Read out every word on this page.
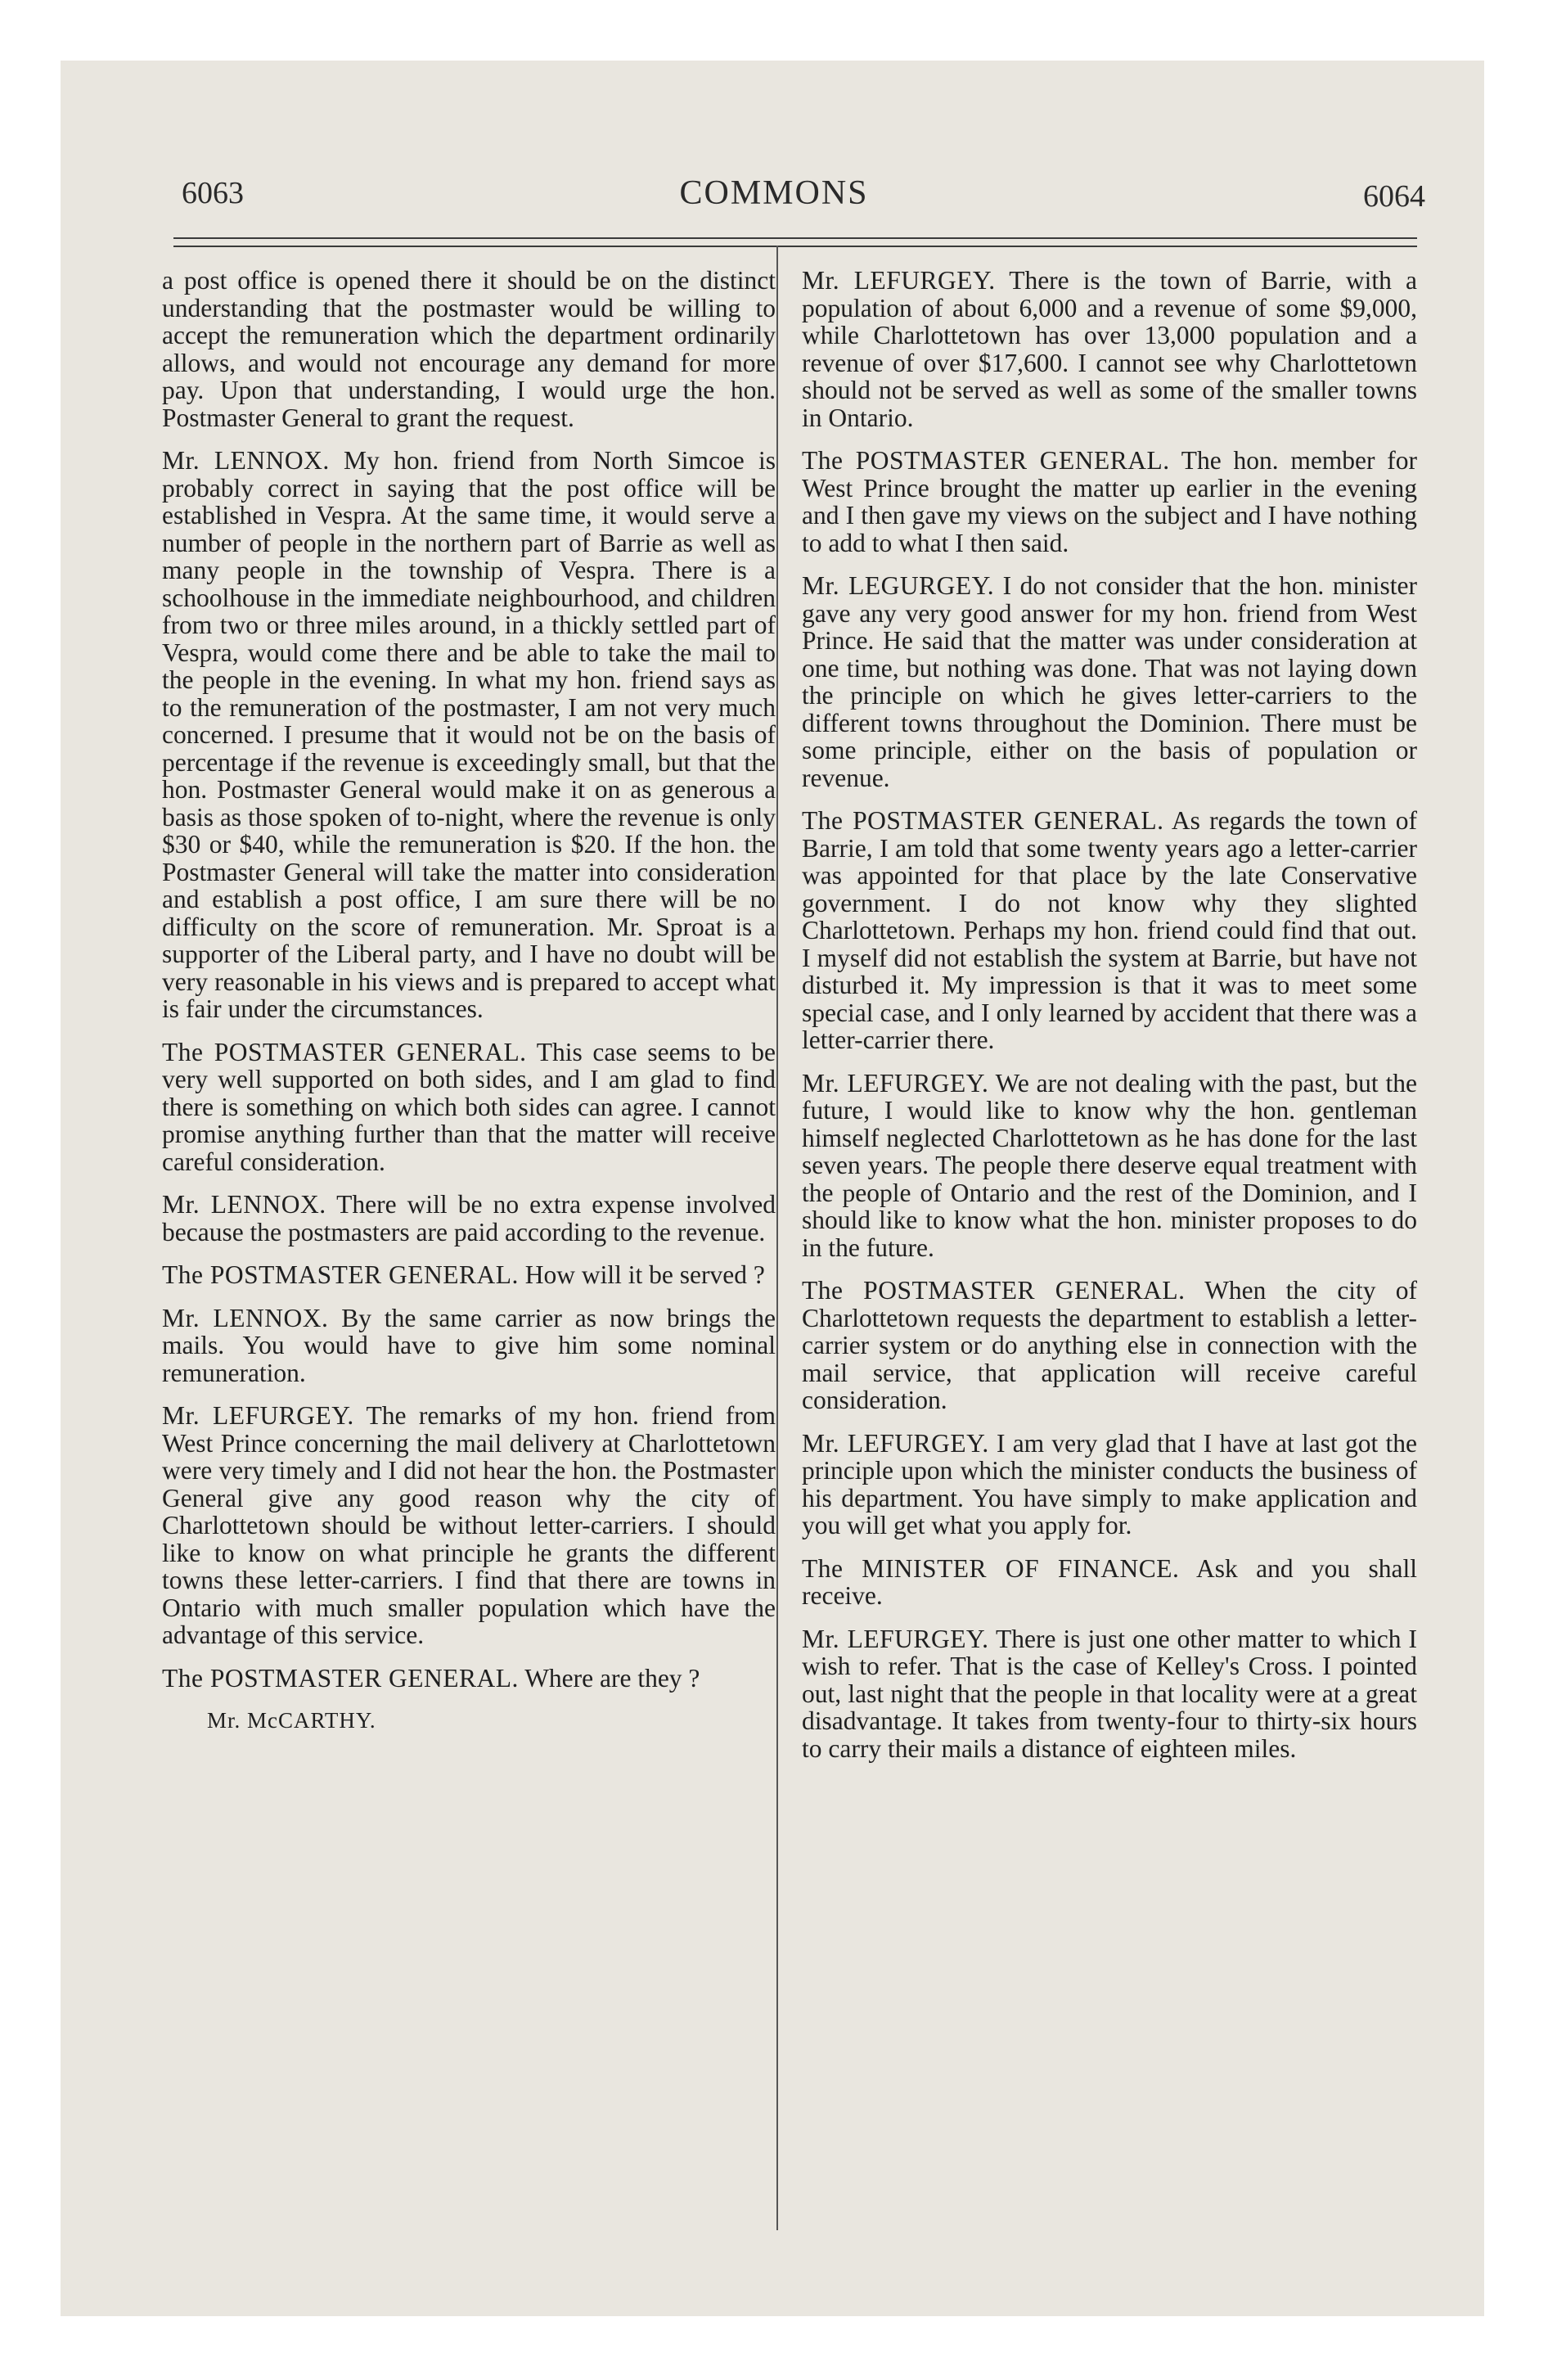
6063	COMMONS	6064

a post office is opened there it should be on the distinct understanding that the postmaster would be willing to accept the remuneration which the department ordinarily allows, and would not encourage any demand for more pay. Upon that understanding, I would urge the hon. Postmaster General to grant the request.

Mr. LENNOX. My hon. friend from North Simcoe is probably correct in saying that the post office will be established in Vespra. At the same time, it would serve a number of people in the northern part of Barrie as well as many people in the township of Vespra. There is a schoolhouse in the immediate neighbourhood, and children from two or three miles around, in a thickly settled part of Vespra, would come there and be able to take the mail to the people in the evening. In what my hon. friend says as to the remuneration of the postmaster, I am not very much concerned. I presume that it would not be on the basis of percentage if the revenue is exceedingly small, but that the hon. Postmaster General would make it on as generous a basis as those spoken of to-night, where the revenue is only $30 or $40, while the remuneration is $20. If the hon. the Postmaster General will take the matter into consideration and establish a post office, I am sure there will be no difficulty on the score of remuneration. Mr. Sproat is a supporter of the Liberal party, and I have no doubt will be very reasonable in his views and is prepared to accept what is fair under the circumstances.

The POSTMASTER GENERAL. This case seems to be very well supported on both sides, and I am glad to find there is something on which both sides can agree. I cannot promise anything further than that the matter will receive careful consideration.

Mr. LENNOX. There will be no extra expense involved because the postmasters are paid according to the revenue.

The POSTMASTER GENERAL. How will it be served ?

Mr. LENNOX. By the same carrier as now brings the mails. You would have to give him some nominal remuneration.

Mr. LEFURGEY. The remarks of my hon. friend from West Prince concerning the mail delivery at Charlottetown were very timely and I did not hear the hon. the Postmaster General give any good reason why the city of Charlottetown should be without letter-carriers. I should like to know on what principle he grants the different towns these letter-carriers. I find that there are towns in Ontario with much smaller population which have the advantage of this service.

The POSTMASTER GENERAL. Where are they ?

Mr. McCARTHY.

Mr. LEFURGEY. There is the town of Barrie, with a population of about 6,000 and a revenue of some $9,000, while Charlottetown has over 13,000 population and a revenue of over $17,600. I cannot see why Charlottetown should not be served as well as some of the smaller towns in Ontario.

The POSTMASTER GENERAL. The hon. member for West Prince brought the matter up earlier in the evening and I then gave my views on the subject and I have nothing to add to what I then said.

Mr. LEGURGEY. I do not consider that the hon. minister gave any very good answer for my hon. friend from West Prince. He said that the matter was under consideration at one time, but nothing was done. That was not laying down the principle on which he gives letter-carriers to the different towns throughout the Dominion. There must be some principle, either on the basis of population or revenue.

The POSTMASTER GENERAL. As regards the town of Barrie, I am told that some twenty years ago a letter-carrier was appointed for that place by the late Conservative government. I do not know why they slighted Charlottetown. Perhaps my hon. friend could find that out. I myself did not establish the system at Barrie, but have not disturbed it. My impression is that it was to meet some special case, and I only learned by accident that there was a letter-carrier there.

Mr. LEFURGEY. We are not dealing with the past, but the future, I would like to know why the hon. gentleman himself neglected Charlottetown as he has done for the last seven years. The people there deserve equal treatment with the people of Ontario and the rest of the Dominion, and I should like to know what the hon. minister proposes to do in the future.

The POSTMASTER GENERAL. When the city of Charlottetown requests the department to establish a letter-carrier system or do anything else in connection with the mail service, that application will receive careful consideration.

Mr. LEFURGEY. I am very glad that I have at last got the principle upon which the minister conducts the business of his department. You have simply to make application and you will get what you apply for.

The MINISTER OF FINANCE. Ask and you shall receive.

Mr. LEFURGEY. There is just one other matter to which I wish to refer. That is the case of Kelley's Cross. I pointed out, last night that the people in that locality were at a great disadvantage. It takes from twenty-four to thirty-six hours to carry their mails a distance of eighteen miles.
